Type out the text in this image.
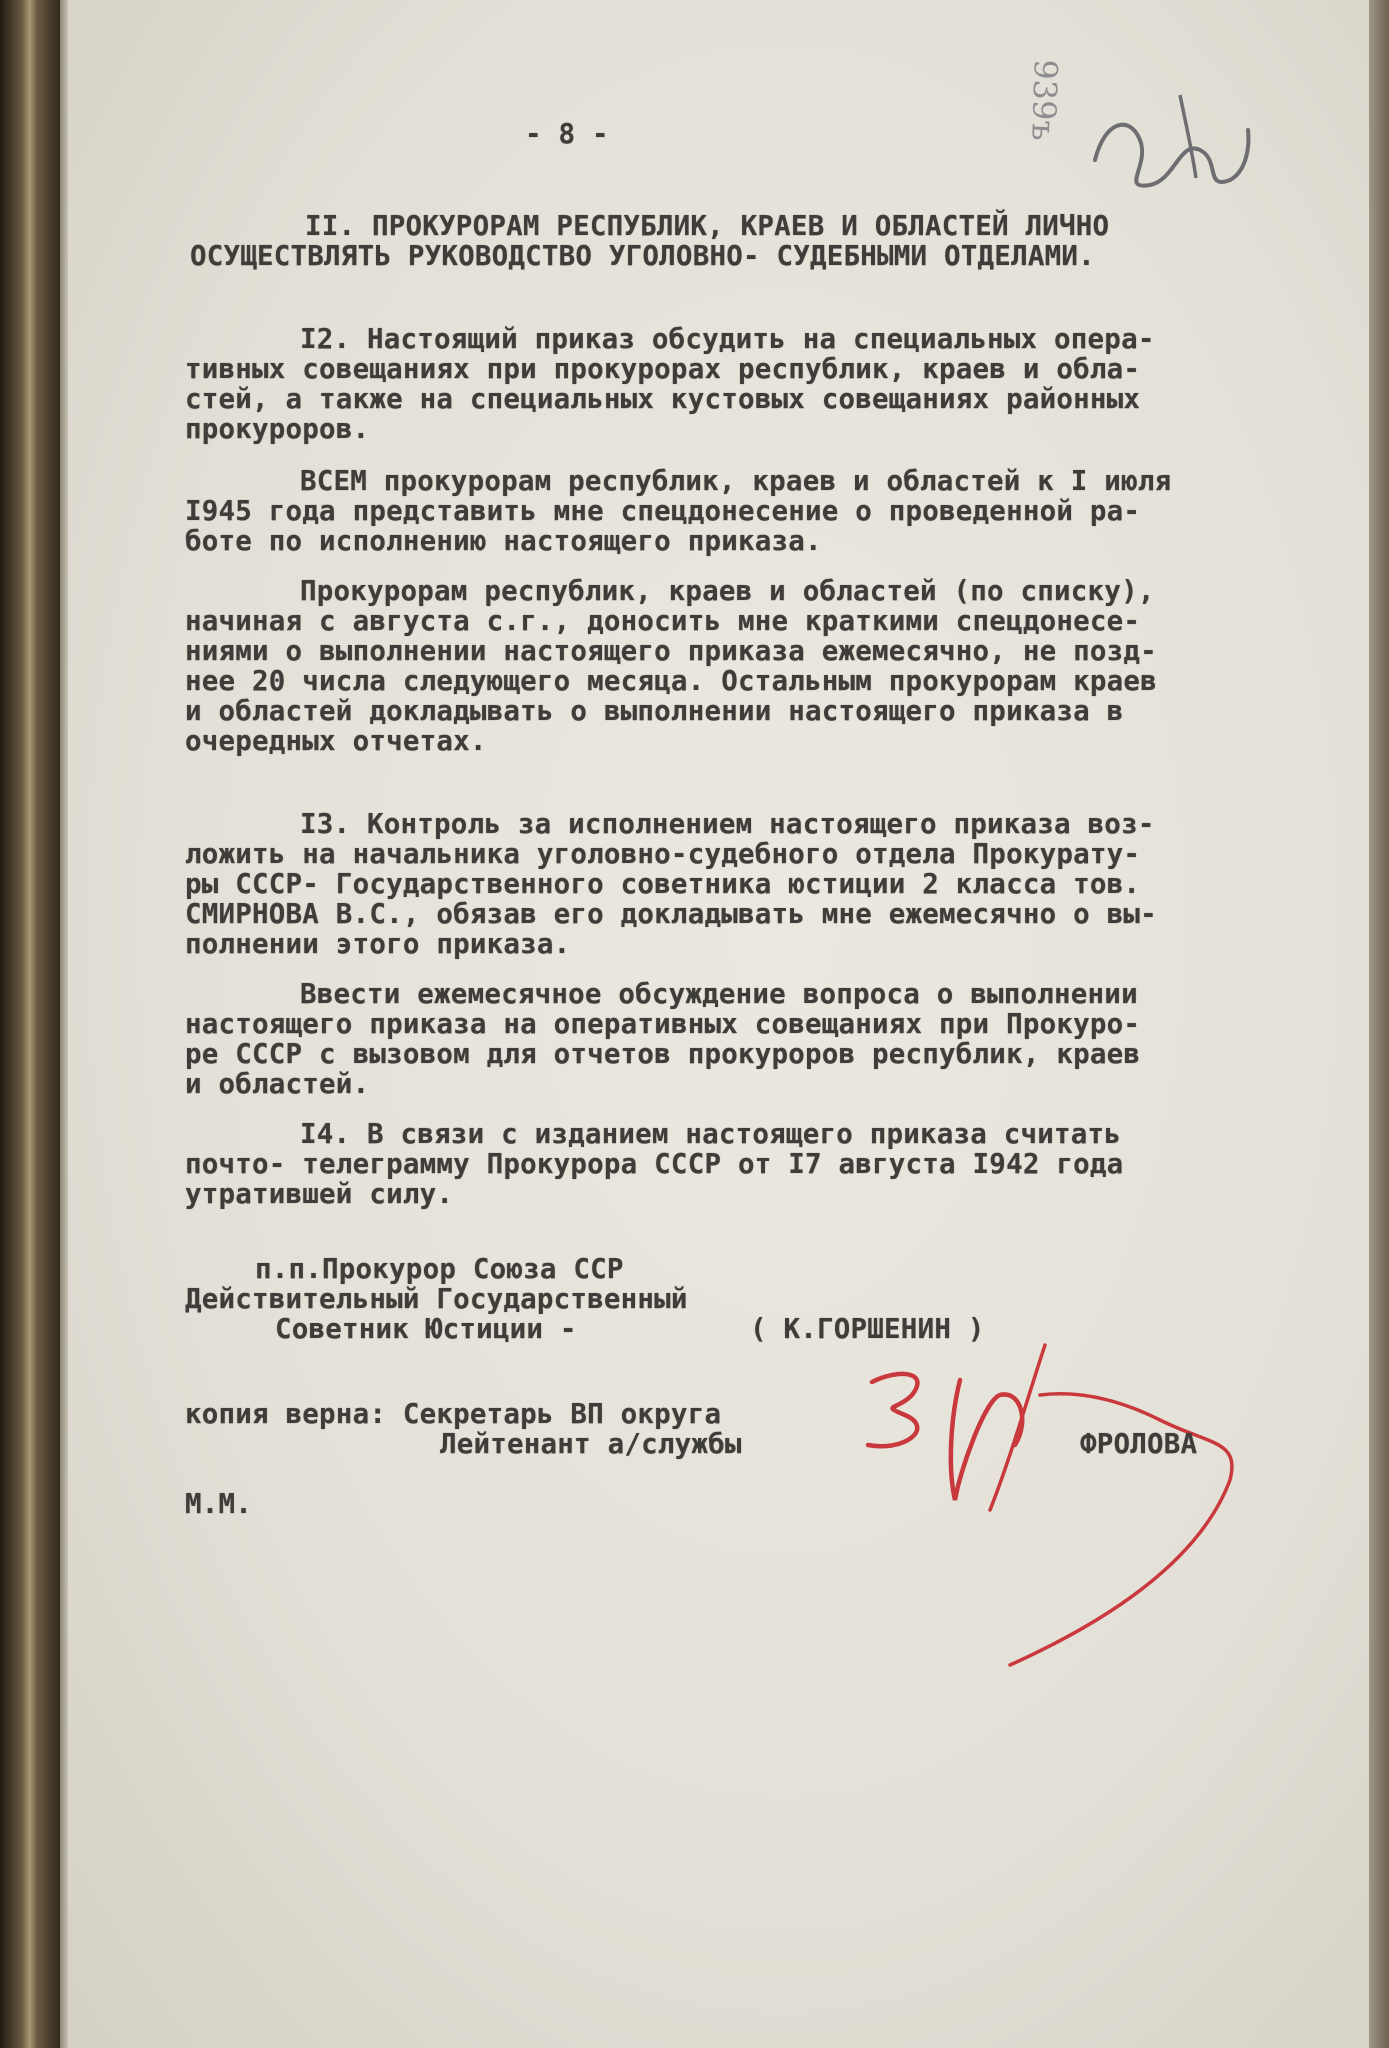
939ъ
- 8 -
II. ПРОКУРОРАМ РЕСПУБЛИК, КРАЕВ И ОБЛАСТЕЙ ЛИЧНО
ОСУЩЕСТВЛЯТЬ РУКОВОДСТВО УГОЛОВНО- СУДЕБНЫМИ ОТДЕЛАМИ.
I2. Настоящий приказ обсудить на специальных опера-
тивных совещаниях при прокурорах республик, краев и обла-
стей, а также на специальных кустовых совещаниях районных
прокуроров.
ВСЕМ прокурорам республик, краев и областей к I июля
I945 года представить мне спецдонесение о проведенной ра-
боте по исполнению настоящего приказа.
Прокурорам республик, краев и областей (по списку),
начиная с августа с.г., доносить мне краткими спецдонесе-
ниями о выполнении настоящего приказа ежемесячно, не позд-
нее 20 числа следующего месяца. Остальным прокурорам краев
и областей докладывать о выполнении настоящего приказа в
очередных отчетах.
I3. Контроль за исполнением настоящего приказа воз-
ложить на начальника уголовно-судебного отдела Прокурату-
ры СССР- Государственного советника юстиции 2 класса тов.
СМИРНОВА В.С., обязав его докладывать мне ежемесячно о вы-
полнении этого приказа.
Ввести ежемесячное обсуждение вопроса о выполнении
настоящего приказа на оперативных совещаниях при Прокуро-
ре СССР с вызовом для отчетов прокуроров республик, краев
и областей.
I4. В связи с изданием настоящего приказа считать
почто- телеграмму Прокурора СССР от I7 августа I942 года
утратившей силу.
п.п.Прокурор Союза ССР
Действительный Государственный
Советник Юстиции -	( К.ГОРШЕНИН )
копия верна: Секретарь ВП округа
Лейтенант а/службы	ФРОЛОВА
М.М.
